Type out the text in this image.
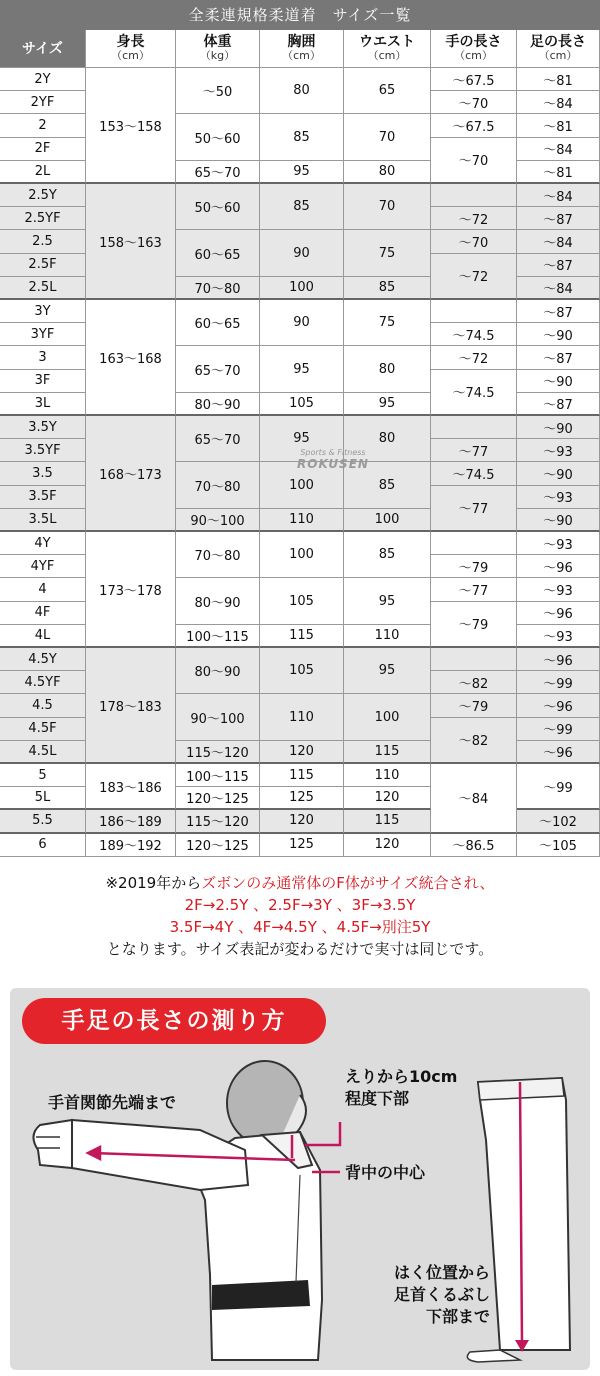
全柔連規格柔道着　サイズ一覧
サイズ	身長
（cm）
体重
（kg）
胸囲
（cm）
ウエスト
（cm）
手の長さ
（cm）
足の長さ
（cm）
2Y
2YF
2
2F
2L
2.5Y
2.5YF
2.5
2.5F
2.5L
3Y
3YF
3
3F
3L
3.5Y
3.5YF
3.5
3.5F
3.5L
4Y
4YF
4
4F
4L
4.5Y
4.5YF
4.5
4.5F
4.5L
5
5L
5.5
6
153〜158
158〜163
163〜168
168〜173
173〜178
178〜183
183〜186
186〜189
189〜192
〜50
50〜60
65〜70
50〜60
60〜65
70〜80
60〜65
65〜70
80〜90
65〜70
70〜80
90〜100
70〜80
80〜90
100〜115
80〜90
90〜100
115〜120
100〜115
120〜125
115〜120
120〜125
80
85
95
85
90
100
90
95
105
95
100
110
100
105
115
105
110
120
115
125
120
125
65
70
80
70
75
85
75
80
95
80
85
100
85
95
110
95
100
115
110
120
115
120
〜67.5
〜70
〜67.5
〜70
〜72
〜70
〜72
〜74.5
〜72
〜74.5
〜77
〜74.5
〜77
〜79
〜77
〜79
〜82
〜79
〜82
〜84
〜86.5
〜81
〜84
〜81
〜84
〜81
〜84
〜87
〜84
〜87
〜84
〜87
〜90
〜87
〜90
〜87
〜90
〜93
〜90
〜93
〜90
〜93
〜96
〜93
〜96
〜93
〜96
〜99
〜96
〜99
〜96
〜99
〜102
〜105
Sports & Fitness
ROKUSEN
※2019年からズボンのみ通常体のF体がサイズ統合され、
2F→2.5Y 、2.5F→3Y 、3F→3.5Y
3.5F→4Y 、4F→4.5Y 、4.5F→別注5Y
となります。サイズ表記が変わるだけで実寸は同じです。
手足の長さの測り方
手首関節先端まで
えりから10cm
程度下部
背中の中心
はく位置から
足首くるぶし
下部まで
